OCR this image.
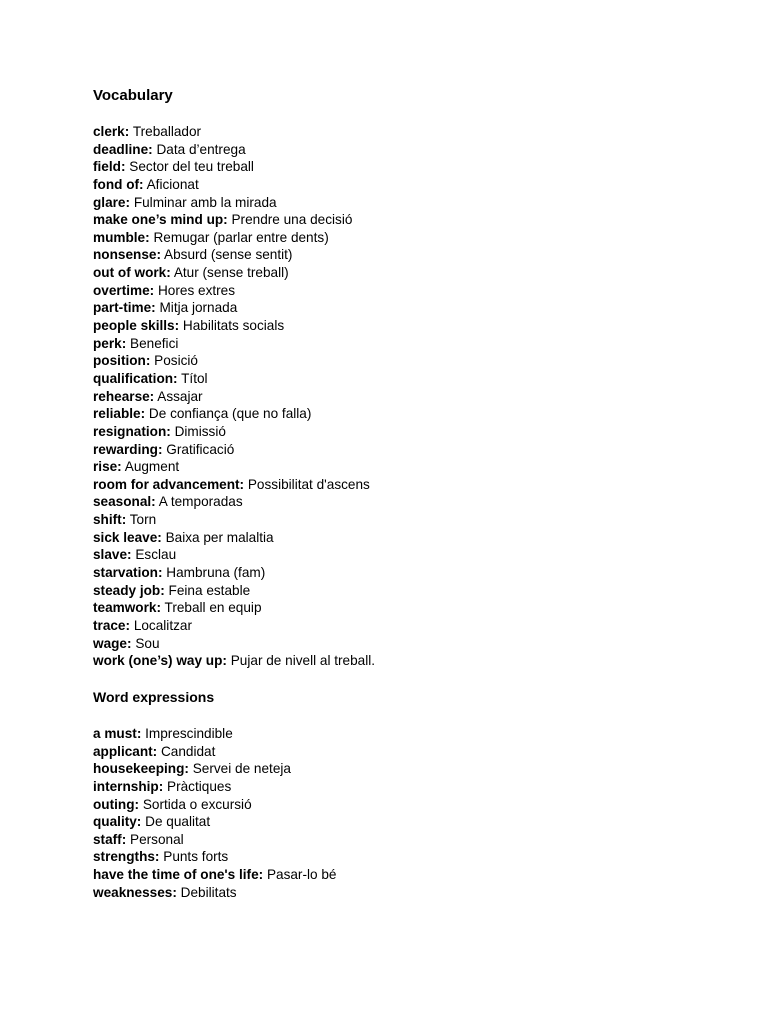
Vocabulary
clerk: Treballador
deadline: Data d’entrega
field: Sector del teu treball
fond of: Aficionat
glare: Fulminar amb la mirada
make one’s mind up: Prendre una decisió
mumble: Remugar (parlar entre dents)
nonsense: Absurd (sense sentit)
out of work: Atur (sense treball)
overtime: Hores extres
part-time: Mitja jornada
people skills: Habilitats socials
perk: Benefici
position: Posició
qualification: Títol
rehearse: Assajar
reliable: De confiança (que no falla)
resignation: Dimissió
rewarding: Gratificació
rise: Augment
room for advancement: Possibilitat d'ascens
seasonal: A temporadas
shift: Torn
sick leave: Baixa per malaltia
slave: Esclau
starvation: Hambruna (fam)
steady job: Feina estable
teamwork: Treball en equip
trace: Localitzar
wage: Sou
work (one’s) way up: Pujar de nivell al treball.
Word expressions
a must: Imprescindible
applicant: Candidat
housekeeping: Servei de neteja
internship: Pràctiques
outing: Sortida o excursió
quality: De qualitat
staff: Personal
strengths: Punts forts
have the time of one's life: Pasar-lo bé
weaknesses: Debilitats
